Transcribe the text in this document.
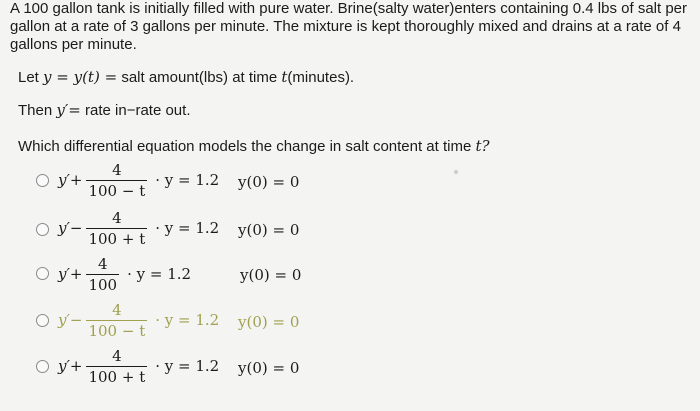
A 100 gallon tank is initially filled with pure water. Brine(salty water)enters containing 0.4 lbs of salt per gallon at a rate of 3 gallons per minute. The mixture is kept thoroughly mixed and drains at a rate of 4 gallons per minute.
Let y = y(t) = salt amount(lbs) at time t(minutes).
Then y′= rate in−rate out.
Which differential equation models the change in salt content at time t?
$y'+ \frac{4}{100 - t} \cdot y = 1.2$ y(0) = 0
$y'- \frac{4}{100 + t} \cdot y = 1.2$ y(0) = 0
$y'+ \frac{4}{100} \cdot y = 1.2$	y(0) = 0
$y'- \frac{4}{100 - t} \cdot y = 1.2$ y(0) = 0
$y'+ \frac{4}{100 + t} \cdot y = 1.2$ y(0) = 0
